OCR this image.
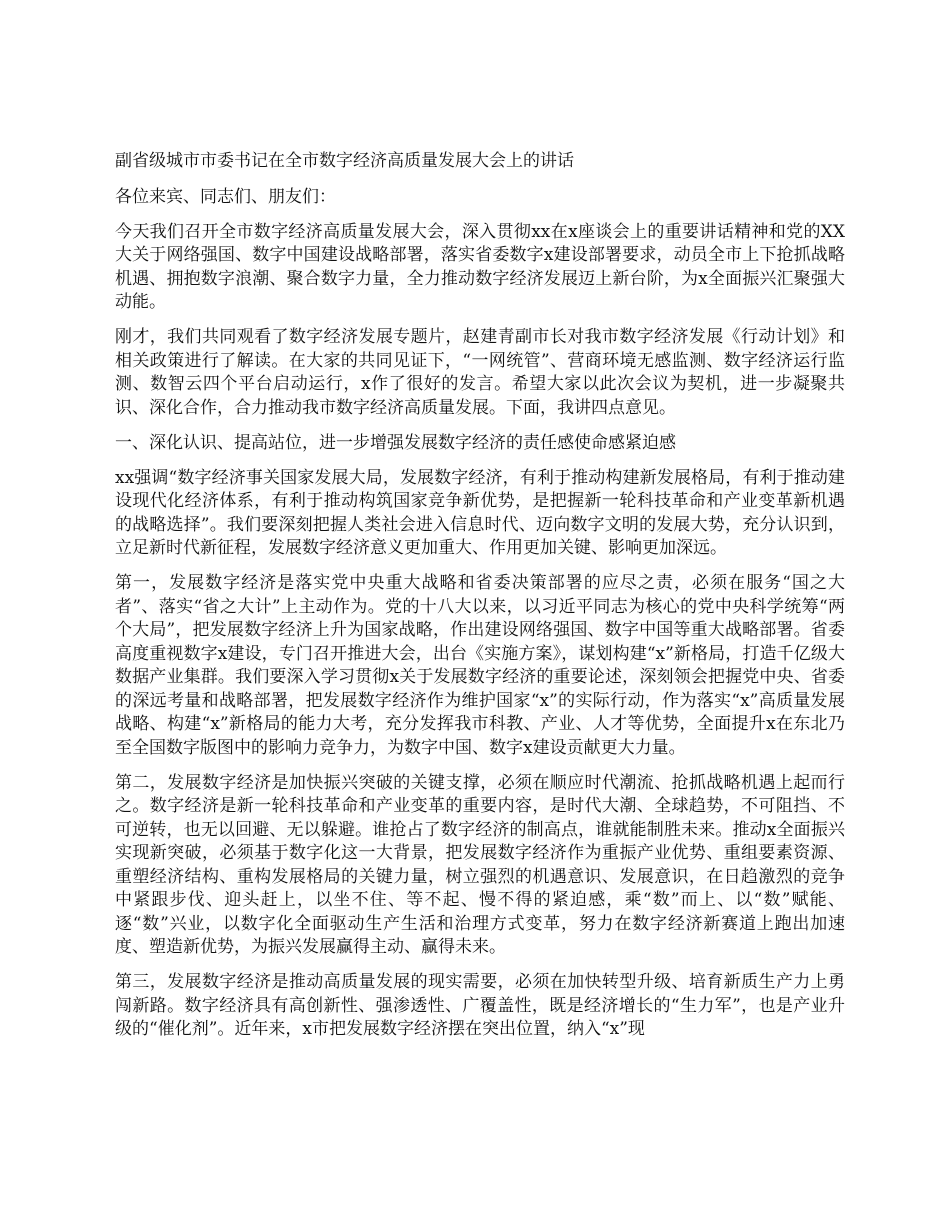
副省级城市市委书记在全市数字经济高质量发展大会上的讲话

各位来宾、同志们、朋友们：

今天我们召开全市数字经济高质量发展大会，深入贯彻xx在x座谈会上的重要讲话精神和党的XX大关于网络强国、数字中国建设战略部署，落实省委数字x建设部署要求，动员全市上下抢抓战略机遇、拥抱数字浪潮、聚合数字力量，全力推动数字经济发展迈上新台阶，为x全面振兴汇聚强大动能。

刚才，我们共同观看了数字经济发展专题片，赵建青副市长对我市数字经济发展《行动计划》和相关政策进行了解读。在大家的共同见证下，“一网统管”、营商环境无感监测、数字经济运行监测、数智云四个平台启动运行，x作了很好的发言。希望大家以此次会议为契机，进一步凝聚共识、深化合作，合力推动我市数字经济高质量发展。下面，我讲四点意见。

一、深化认识、提高站位，进一步增强发展数字经济的责任感使命感紧迫感

xx强调“数字经济事关国家发展大局，发展数字经济，有利于推动构建新发展格局，有利于推动建设现代化经济体系，有利于推动构筑国家竞争新优势，是把握新一轮科技革命和产业变革新机遇的战略选择”。我们要深刻把握人类社会进入信息时代、迈向数字文明的发展大势，充分认识到，立足新时代新征程，发展数字经济意义更加重大、作用更加关键、影响更加深远。

第一，发展数字经济是落实党中央重大战略和省委决策部署的应尽之责，必须在服务“国之大者”、落实“省之大计”上主动作为。党的十八大以来，以习近平同志为核心的党中央科学统筹“两个大局”，把发展数字经济上升为国家战略，作出建设网络强国、数字中国等重大战略部署。省委高度重视数字x建设，专门召开推进大会，出台《实施方案》，谋划构建“x”新格局，打造千亿级大数据产业集群。我们要深入学习贯彻x关于发展数字经济的重要论述，深刻领会把握党中央、省委的深远考量和战略部署，把发展数字经济作为维护国家“x”的实际行动，作为落实“x”高质量发展战略、构建“x”新格局的能力大考，充分发挥我市科教、产业、人才等优势，全面提升x在东北乃至全国数字版图中的影响力竞争力，为数字中国、数字x建设贡献更大力量。

第二，发展数字经济是加快振兴突破的关键支撑，必须在顺应时代潮流、抢抓战略机遇上起而行之。数字经济是新一轮科技革命和产业变革的重要内容，是时代大潮、全球趋势，不可阻挡、不可逆转，也无以回避、无以躲避。谁抢占了数字经济的制高点，谁就能制胜未来。推动x全面振兴实现新突破，必须基于数字化这一大背景，把发展数字经济作为重振产业优势、重组要素资源、重塑经济结构、重构发展格局的关键力量，树立强烈的机遇意识、发展意识，在日趋激烈的竞争中紧跟步伐、迎头赶上，以坐不住、等不起、慢不得的紧迫感，乘“数”而上、以“数”赋能、逐“数”兴业，以数字化全面驱动生产生活和治理方式变革，努力在数字经济新赛道上跑出加速度、塑造新优势，为振兴发展赢得主动、赢得未来。

第三，发展数字经济是推动高质量发展的现实需要，必须在加快转型升级、培育新质生产力上勇闯新路。数字经济具有高创新性、强渗透性、广覆盖性，既是经济增长的“生力军”，也是产业升级的“催化剂”。近年来，x市把发展数字经济摆在突出位置，纳入“x”现
